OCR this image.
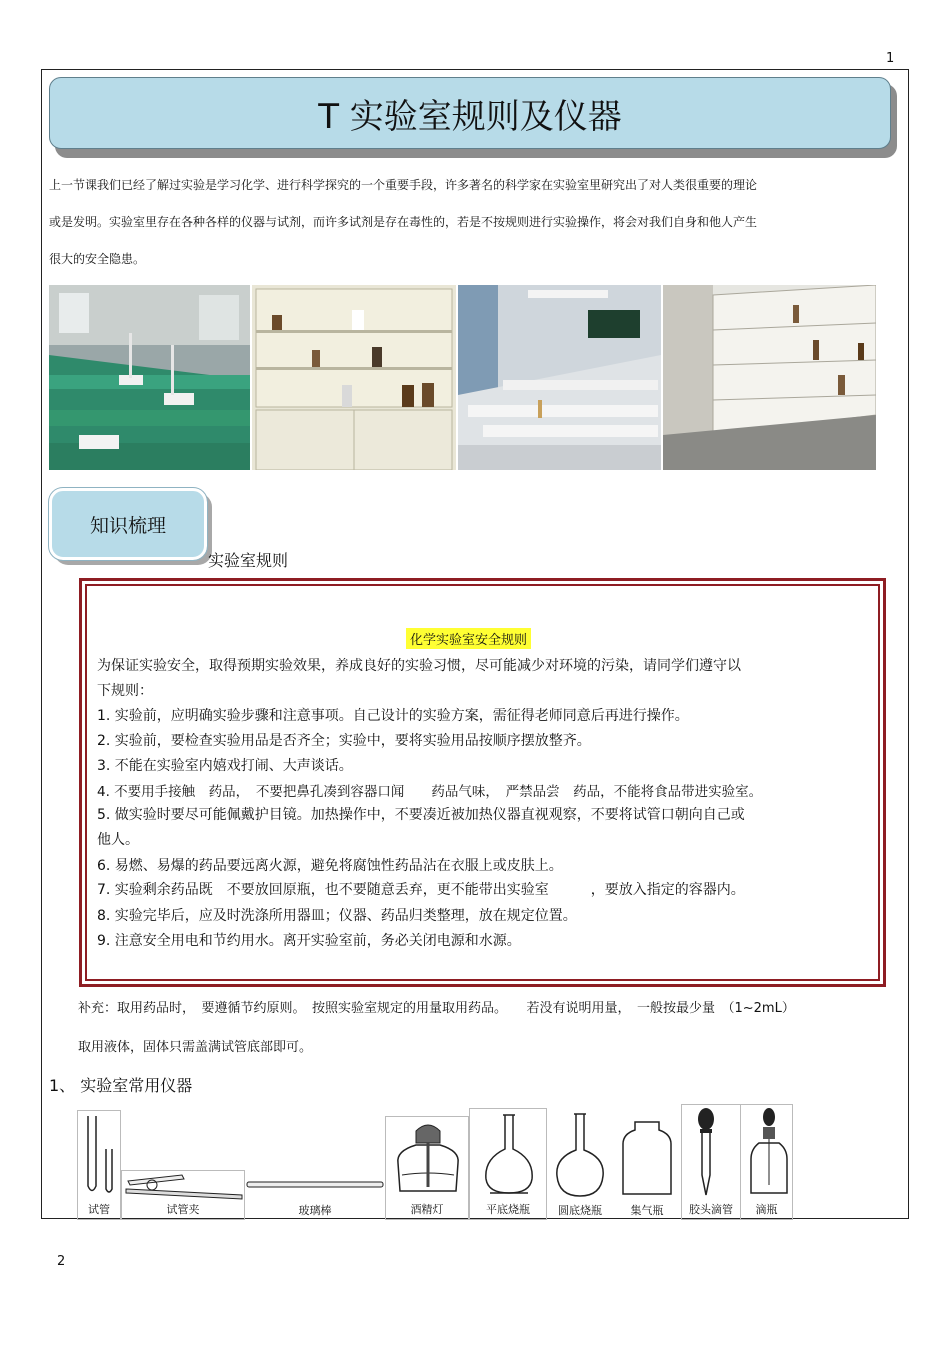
1
T 实验室规则及仪器
上一节课我们已经了解过实验是学习化学、进行科学探究的一个重要手段，许多著名的科学家在实验室里研究出了对人类很重要的理论
或是发明。实验室里存在各种各样的仪器与试剂，而许多试剂是存在毒性的，若是不按规则进行实验操作，将会对我们自身和他人产生
很大的安全隐患。
知识梳理
实验室规则
化学实验室安全规则
为保证实验安全，取得预期实验效果，养成良好的实验习惯，尽可能减少对环境的污染，请同学们遵守以
下规则：
1. 实验前，应明确实验步骤和注意事项。自己设计的实验方案，需征得老师同意后再进行操作。
2. 实验前，要检查实验用品是否齐全；实验中，要将实验用品按顺序摆放整齐。
3. 不能在实验室内嬉戏打闹、大声谈话。
4. 不要用手接触　药品，　不要把鼻孔凑到容器口闻　　药品气味，　严禁品尝　药品，不能将食品带进实验室。
5. 做实验时要尽可能佩戴护目镜。加热操作中，不要凑近被加热仪器直视观察，不要将试管口朝向自己或
他人。
6. 易燃、易爆的药品要远离火源，避免将腐蚀性药品沾在衣服上或皮肤上。
7. 实验剩余药品既　不要放回原瓶，也不要随意丢弃，更不能带出实验室　　　，要放入指定的容器内。
8. 实验完毕后，应及时洗涤所用器皿；仪器、药品归类整理，放在规定位置。
9. 注意安全用电和节约用水。离开实验室前，务必关闭电源和水源。
补充：取用药品时，　要遵循节约原则。　按照实验室规定的用量取用药品。　　若没有说明用量，　一般按最少量　（1~2mL）
取用液体，固体只需盖满试管底部即可。
1、 实验室常用仪器
试管	试管夹	玻璃棒	酒精灯	平底烧瓶	圆底烧瓶	集气瓶	胶头滴管	滴瓶
2
